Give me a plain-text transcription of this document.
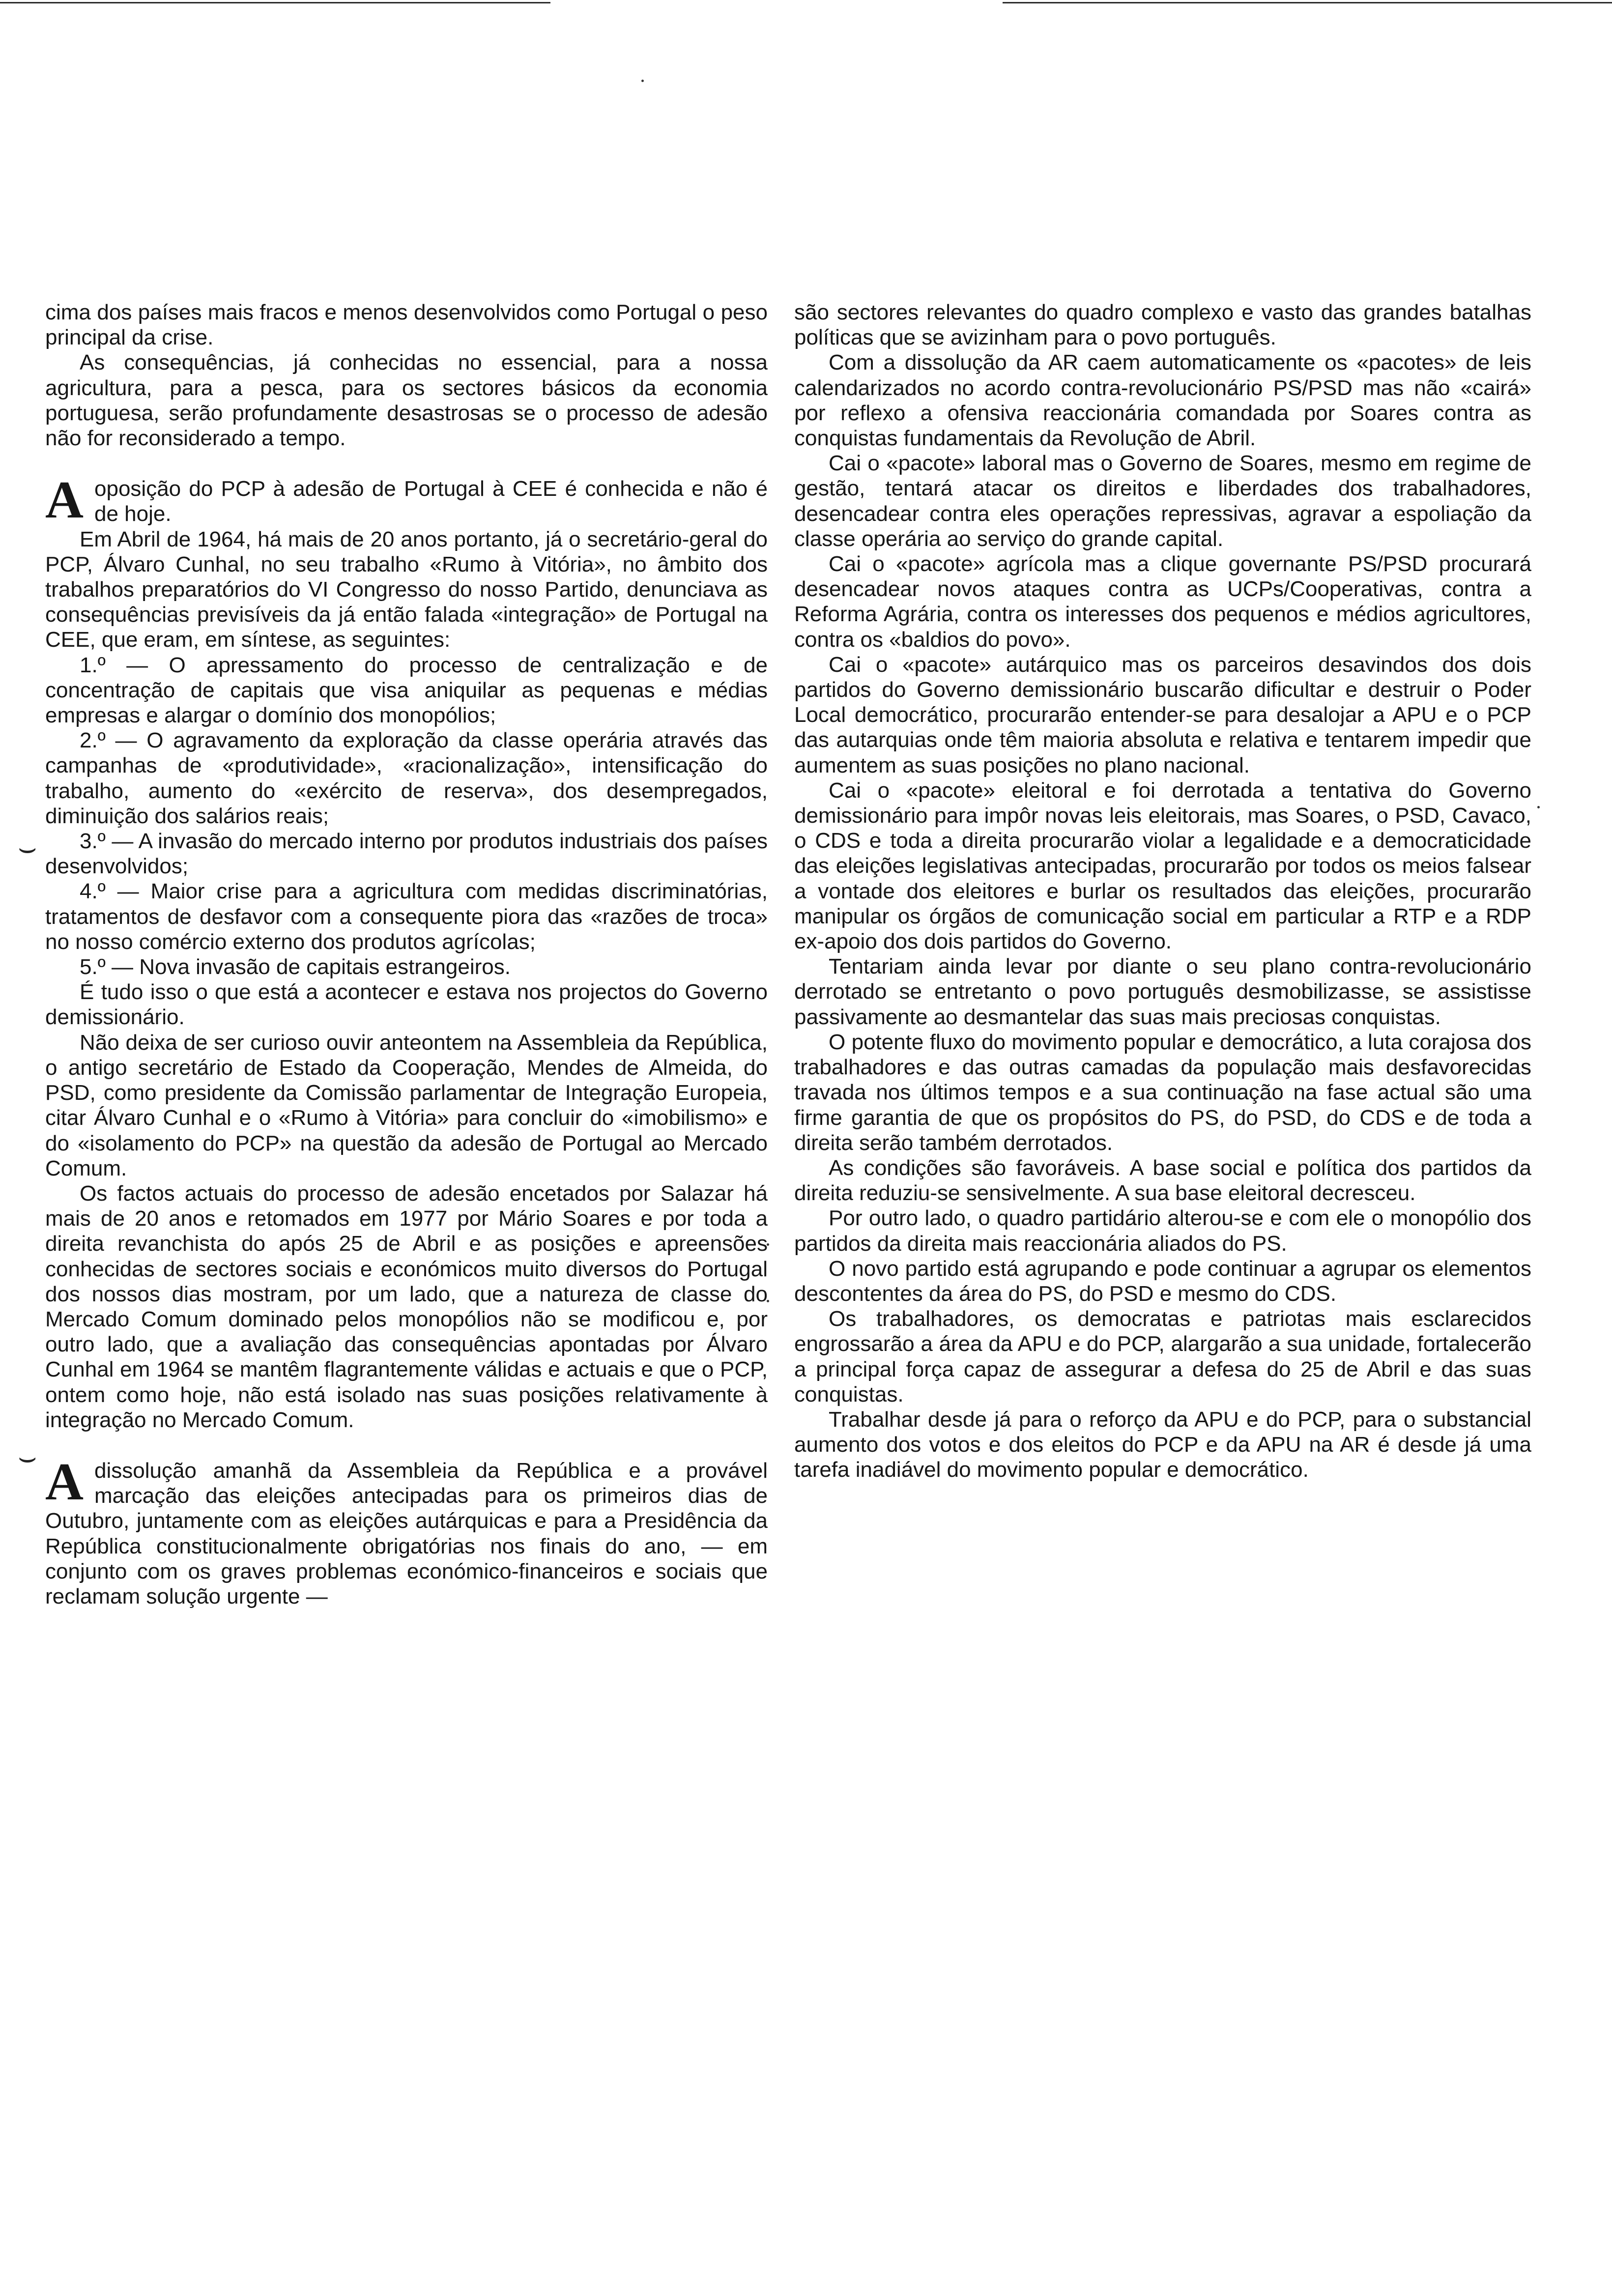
⌣
⌣

cima dos países mais fracos e menos desenvolvidos como Portugal o peso principal da crise.

As consequências, já conhecidas no essencial, para a nossa agricultura, para a pesca, para os sectores básicos da economia portuguesa, serão profundamente desastrosas se o processo de adesão não for reconsiderado a tempo.

Aoposição do PCP à adesão de Portugal à CEE é conhecida e não é de hoje.

Em Abril de 1964, há mais de 20 anos portanto, já o secretário-geral do PCP, Álvaro Cunhal, no seu trabalho «Rumo à Vitória», no âmbito dos trabalhos preparatórios do VI Congresso do nosso Partido, denunciava as consequências previsíveis da já então falada «integração» de Portugal na CEE, que eram, em síntese, as seguintes:

1.º — O apressamento do processo de centralização e de concentração de capitais que visa aniquilar as pequenas e médias empresas e alargar o domínio dos monopólios;

2.º — O agravamento da exploração da classe operária através das campanhas de «produtividade», «racionalização», intensificação do trabalho, aumento do «exército de reserva», dos desempregados, diminuição dos salários reais;

3.º — A invasão do mercado interno por produtos industriais dos países desenvolvidos;

4.º — Maior crise para a agricultura com medidas discriminatórias, tratamentos de desfavor com a consequente piora das «razões de troca» no nosso comércio externo dos produtos agrícolas;

5.º — Nova invasão de capitais estrangeiros.

É tudo isso o que está a acontecer e estava nos projectos do Governo demissionário.

Não deixa de ser curioso ouvir anteontem na Assembleia da República, o antigo secretário de Estado da Cooperação, Mendes de Almeida, do PSD, como presidente da Comissão parlamentar de Integração Europeia, citar Álvaro Cunhal e o «Rumo à Vitória» para concluir do «imobilismo» e do «isolamento do PCP» na questão da adesão de Portugal ao Mercado Comum.

Os factos actuais do processo de adesão encetados por Salazar há mais de 20 anos e retomados em 1977 por Mário Soares e por toda a direita revanchista do após 25 de Abril e as posições e apreensões conhecidas de sectores sociais e económicos muito diversos do Portugal dos nossos dias mostram, por um lado, que a natureza de classe do Mercado Comum dominado pelos monopólios não se modificou e, por outro lado, que a avaliação das consequências apontadas por Álvaro Cunhal em 1964 se mantêm flagrantemente válidas e actuais e que o PCP, ontem como hoje, não está isolado nas suas posições relativamente à integração no Mercado Comum.

Adissolução amanhã da Assembleia da República e a provável marcação das eleições antecipadas para os primeiros dias de Outubro, juntamente com as eleições autárquicas e para a Presidência da República constitucionalmente obrigatórias nos finais do ano, — em conjunto com os graves problemas económico-financeiros e sociais que reclamam solução urgente —

são sectores relevantes do quadro complexo e vasto das grandes batalhas políticas que se avizinham para o povo português.

Com a dissolução da AR caem automaticamente os «pacotes» de leis calendarizados no acordo contra-revolucionário PS/PSD mas não «cairá» por reflexo a ofensiva reaccionária comandada por Soares contra as conquistas fundamentais da Revolução de Abril.

Cai o «pacote» laboral mas o Governo de Soares, mesmo em regime de gestão, tentará atacar os direitos e liberdades dos trabalhadores, desencadear contra eles operações repressivas, agravar a espoliação da classe operária ao serviço do grande capital.

Cai o «pacote» agrícola mas a clique governante PS/PSD procurará desencadear novos ataques contra as UCPs/Cooperativas, contra a Reforma Agrária, contra os interesses dos pequenos e médios agricultores, contra os «baldios do povo».

Cai o «pacote» autárquico mas os parceiros desavindos dos dois partidos do Governo demissionário buscarão dificultar e destruir o Poder Local democrático, procurarão entender-se para desalojar a APU e o PCP das autarquias onde têm maioria absoluta e relativa e tentarem impedir que aumentem as suas posições no plano nacional.

Cai o «pacote» eleitoral e foi derrotada a tentativa do Governo demissionário para impôr novas leis eleitorais, mas Soares, o PSD, Cavaco, o CDS e toda a direita procurarão violar a legalidade e a democraticidade das eleições legislativas antecipadas, procurarão por todos os meios falsear a vontade dos eleitores e burlar os resultados das eleições, procurarão manipular os órgãos de comunicação social em particular a RTP e a RDP ex-apoio dos dois partidos do Governo.

Tentariam ainda levar por diante o seu plano contra-revolucionário derrotado se entretanto o povo português desmobilizasse, se assistisse passivamente ao desmantelar das suas mais preciosas conquistas.

O potente fluxo do movimento popular e democrático, a luta corajosa dos trabalhadores e das outras camadas da população mais desfavorecidas travada nos últimos tempos e a sua continuação na fase actual são uma firme garantia de que os propósitos do PS, do PSD, do CDS e de toda a direita serão também derrotados.

As condições são favoráveis. A base social e política dos partidos da direita reduziu-se sensivelmente. A sua base eleitoral decresceu.

Por outro lado, o quadro partidário alterou-se e com ele o monopólio dos partidos da direita mais reaccionária aliados do PS.

O novo partido está agrupando e pode continuar a agrupar os elementos descontentes da área do PS, do PSD e mesmo do CDS.

Os trabalhadores, os democratas e patriotas mais esclarecidos engrossarão a área da APU e do PCP, alargarão a sua unidade, fortalecerão a principal força capaz de assegurar a defesa do 25 de Abril e das suas conquistas.

Trabalhar desde já para o reforço da APU e do PCP, para o substancial aumento dos votos e dos eleitos do PCP e da APU na AR é desde já uma tarefa inadiável do movimento popular e democrático.
